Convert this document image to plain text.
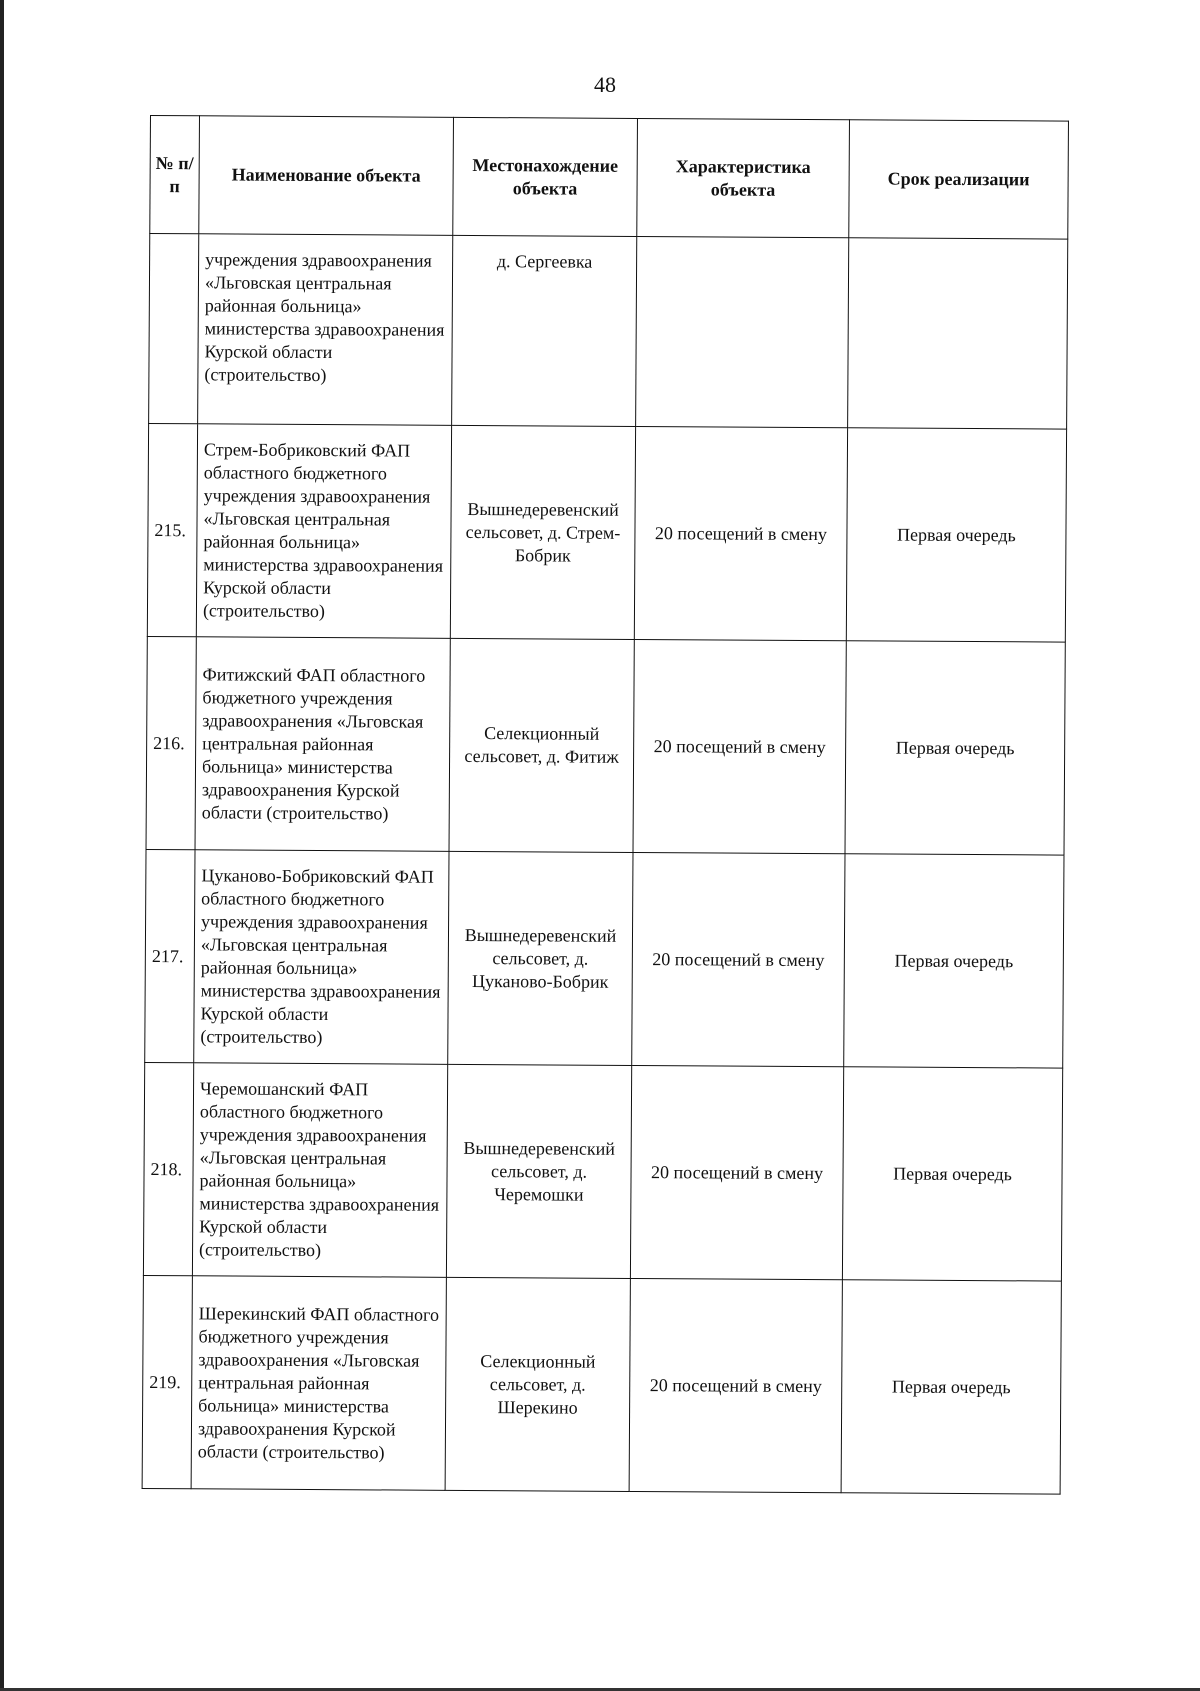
48
№ п/п	Наименование объекта	Местонахождение объекта	Характеристика объекта	Срок реализации
	учреждения здравоохранения «Льговская центральная районная больница» министерства здравоохранения Курской области (строительство)	д. Сергеевка		
215.	Стрем-Бобриковский ФАП областного бюджетного учреждения здравоохранения «Льговская центральная районная больница» министерства здравоохранения Курской области (строительство)	Вышнедеревенский сельсовет, д. Стрем-Бобрик	20 посещений в смену	Первая очередь
216.	Фитижский ФАП областного бюджетного учреждения здравоохранения «Льговская центральная районная больница» министерства здравоохранения Курской области (строительство)	Селекционный сельсовет, д. Фитиж	20 посещений в смену	Первая очередь
217.	Цуканово-Бобриковский ФАП областного бюджетного учреждения здравоохранения «Льговская центральная районная больница» министерства здравоохранения Курской области (строительство)	Вышнедеревенский сельсовет, д. Цуканово-Бобрик	20 посещений в смену	Первая очередь
218.	Черемошанский ФАП областного бюджетного учреждения здравоохранения «Льговская центральная районная больница» министерства здравоохранения Курской области (строительство)	Вышнедеревенский сельсовет, д. Черемошки	20 посещений в смену	Первая очередь
219.	Шерекинский ФАП областного бюджетного учреждения здравоохранения «Льговская центральная районная больница» министерства здравоохранения Курской области (строительство)	Селекционный сельсовет, д. Шерекино	20 посещений в смену	Первая очередь
